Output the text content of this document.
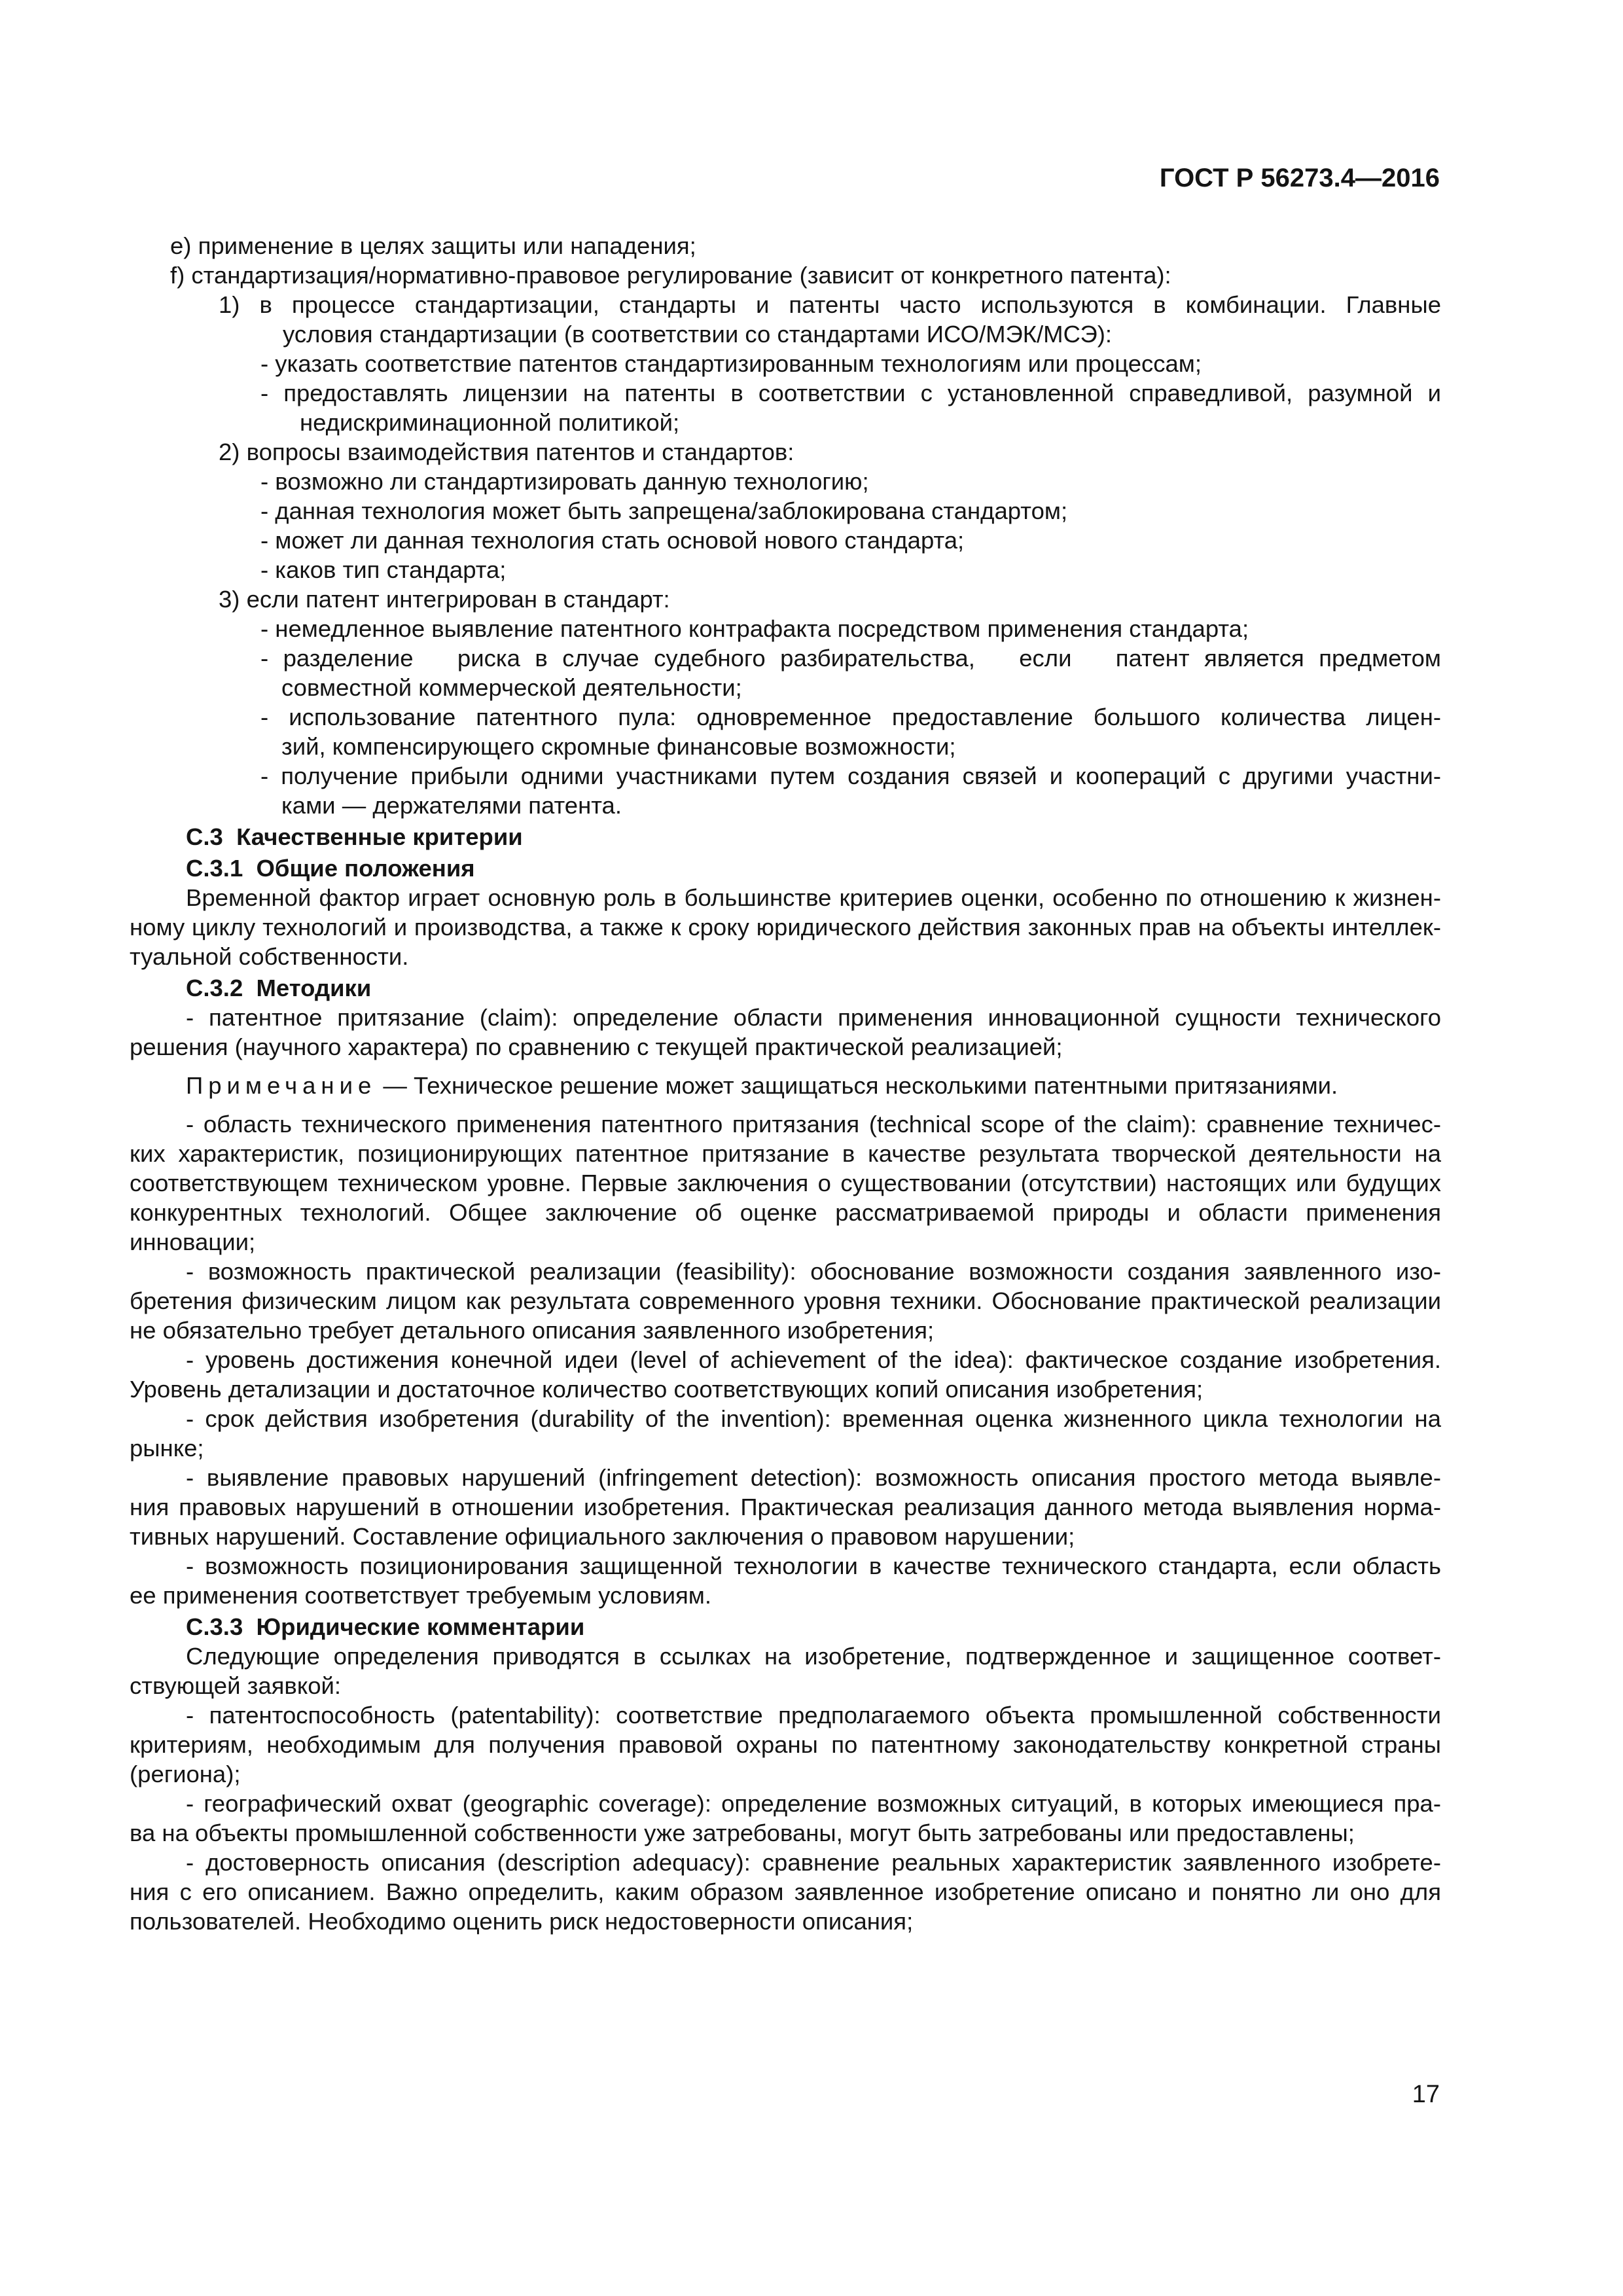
ГОСТ Р 56273.4—2016

е) применение в целях защиты или нападения;

f) стандартизация/нормативно-правовое регулирование (зависит от конкретного патента):

1) в процессе стандартизации, стандарты и патенты часто используются в комбинации. Главные

условия стандартизации (в соответствии со стандартами ИСО/МЭК/МСЭ):

- указать соответствие патентов стандартизированным технологиям или процессам;

- предоставлять лицензии на патенты в соответствии с установленной справедливой, разумной и

недискриминационной политикой;

2) вопросы взаимодействия патентов и стандартов:

- возможно ли стандартизировать данную технологию;

- данная технология может быть запрещена/заблокирована стандартом;

- может ли данная технология стать основой нового стандарта;

- каков тип стандарта;

3) если патент интегрирован в стандарт:

- немедленное выявление патентного контрафакта посредством применения стандарта;

- разделение   риска в случае судебного разбирательства,   если   патент является предметом

совместной коммерческой деятельности;

- использование патентного пула: одновременное предоставление большого количества лицен-

зий, компенсирующего скромные финансовые возможности;

- получение прибыли одними участниками путем создания связей и коопераций с другими участни-

ками — держателями патента.

С.3  Качественные критерии

С.3.1  Общие положения

Временной фактор играет основную роль в большинстве критериев оценки, особенно по отношению к жизнен-

ному циклу технологий и производства, а также к сроку юридического действия законных прав на объекты интеллек-

туальной собственности.

С.3.2  Методики

- патентное притязание (claim): определение области применения инновационной сущности технического

решения (научного характера) по сравнению с текущей практической реализацией;

Примечание — Техническое решение может защищаться несколькими патентными притязаниями.

- область технического применения патентного притязания (technical scope of the claim): сравнение техничес-

ких характеристик, позиционирующих патентное притязание в качестве результата творческой деятельности на

соответствующем техническом уровне. Первые заключения о существовании (отсутствии) настоящих или будущих

конкурентных технологий. Общее заключение об оценке рассматриваемой природы и области применения

инновации;

- возможность практической реализации (feasibility): обоснование возможности создания заявленного изо-

бретения физическим лицом как результата современного уровня техники. Обоснование практической реализации

не обязательно требует детального описания заявленного изобретения;

- уровень достижения конечной идеи (level of achievement of the idea): фактическое создание изобретения.

Уровень детализации и достаточное количество соответствующих копий описания изобретения;

- срок действия изобретения (durability of the invention): временная оценка жизненного цикла технологии на

рынке;

- выявление правовых нарушений (infringement detection): возможность описания простого метода выявле-

ния правовых нарушений в отношении изобретения. Практическая реализация данного метода выявления норма-

тивных нарушений. Составление официального заключения о правовом нарушении;

- возможность позиционирования защищенной технологии в качестве технического стандарта, если область

ее применения соответствует требуемым условиям.

С.3.3  Юридические комментарии

Следующие определения приводятся в ссылках на изобретение, подтвержденное и защищенное соответ-

ствующей заявкой:

- патентоспособность (patentability): соответствие предполагаемого объекта промышленной собственности

критериям, необходимым для получения правовой охраны по патентному законодательству конкретной страны

(региона);

- географический охват (geographic coverage): определение возможных ситуаций, в которых имеющиеся пра-

ва на объекты промышленной собственности уже затребованы, могут быть затребованы или предоставлены;

- достоверность описания (description adequacy): сравнение реальных характеристик заявленного изобрете-

ния с его описанием. Важно определить, каким образом заявленное изобретение описано и понятно ли оно для

пользователей. Необходимо оценить риск недостоверности описания;

17
